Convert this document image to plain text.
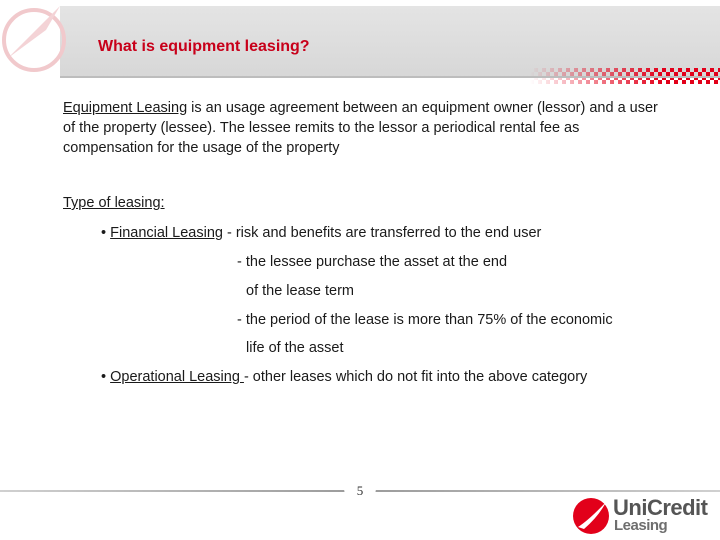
What is equipment leasing?

Equipment Leasing is an usage agreement between an equipment owner (lessor) and a user of the property (lessee). The lessee remits to the lessor a periodical rental fee as compensation for the usage of the property

Type of leasing:

• Financial Leasing - risk and benefits are transferred to the end user
- the lessee purchase the asset at the end
of the lease term
- the period of the lease is more than 75% of the economic
life of the asset
• Operational Leasing - other leases which do not fit into the above category
5
UniCredit
Leasing
